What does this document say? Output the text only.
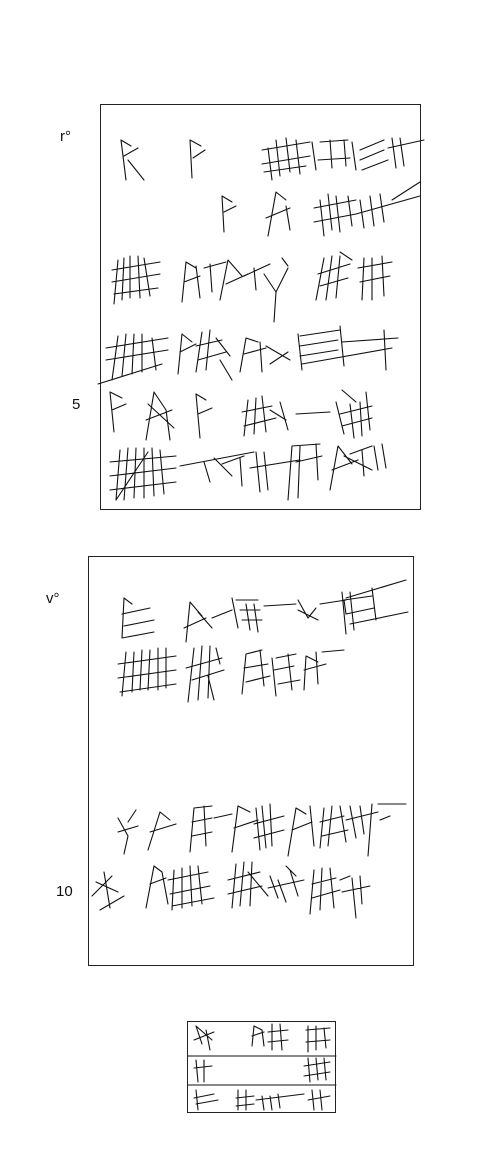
r°
5
v°
10
